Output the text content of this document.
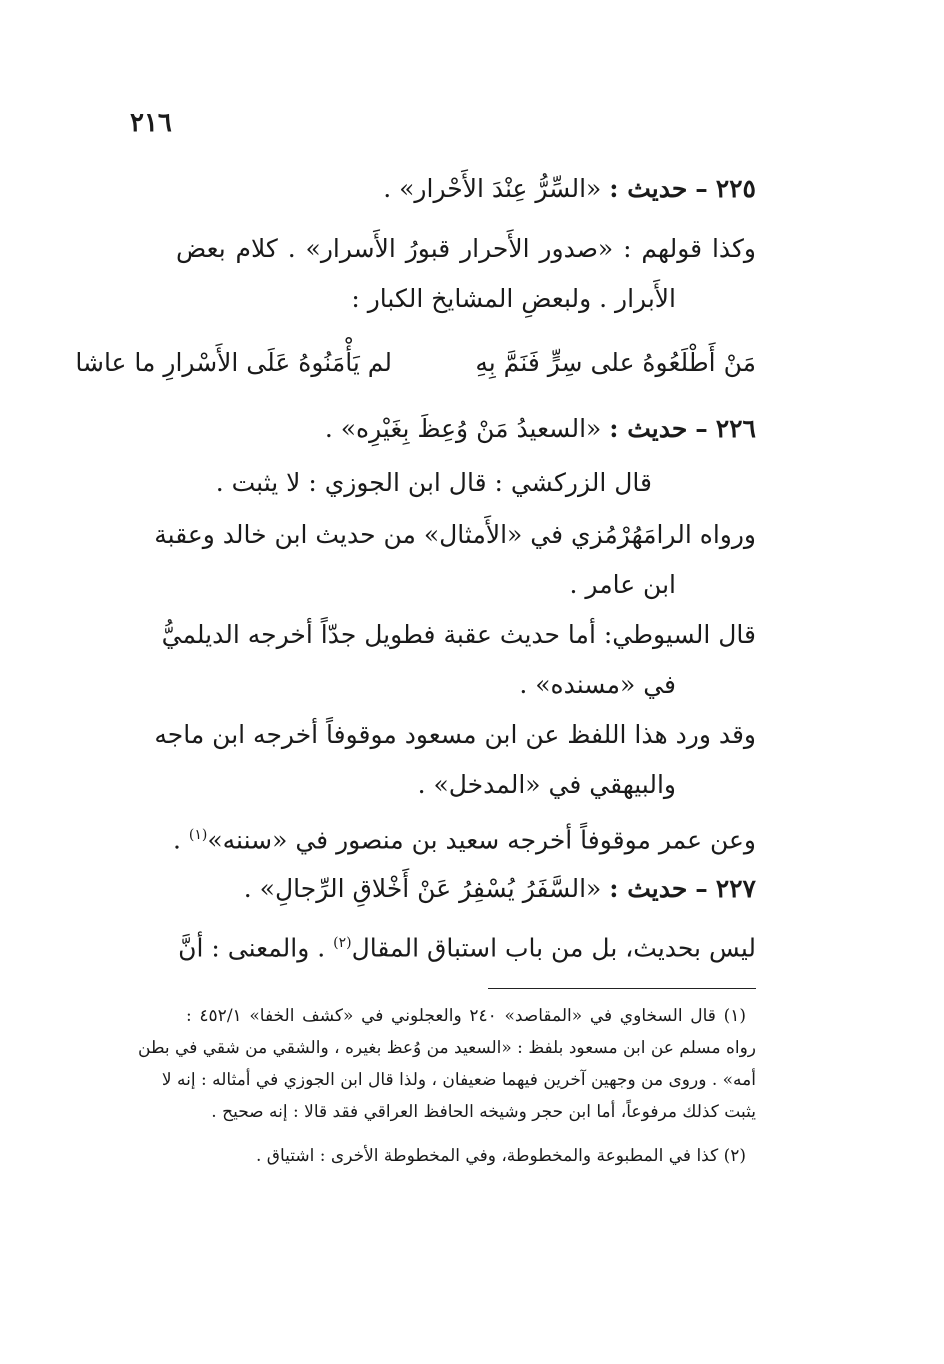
٢١٦
٢٢٥ – حديث : «السِّرُّ عِنْدَ الأَحْرار» .
وكذا قولهم : «صدور الأَحرار قبورُ الأَسرار» . كلام بعض
الأَبرار . ولبعضِ المشايخ الكبار :
مَنْ أَطْلَعُوهُ على سِرٍّ فَنَمَّ بِهِ
لم يَأْمَنُوهُ عَلَى الأَسْرارِ ما عاشا
٢٢٦ – حديث : «السعيدُ مَنْ وُعِظَ بِغَيْرِه» .
قال الزركشي : قال ابن الجوزي : لا يثبت .
ورواه الرامَهُرْمُزي في «الأَمثال» من حديث ابن خالد وعقبة
ابن عامر .
قال السيوطي: أما حديث عقبة فطويل جدّاً أخرجه الديلميُّ
في «مسنده» .
وقد ورد هذا اللفظ عن ابن مسعود موقوفاً أخرجه ابن ماجه
والبيهقي في «المدخل» .
وعن عمر موقوفاً أخرجه سعيد بن منصور في «سننه»$^{(١)}$ .
٢٢٧ – حديث : «السَّفَرُ يُسْفِرُ عَنْ أَخْلاقِ الرِّجالِ» .
ليس بحديث، بل من باب استباق المقال$^{(٢)}$ . والمعنى : أنَّ
(١) قال السخاوي في «المقاصد» ٢٤٠ والعجلوني في «كشف الخفا» ٤٥٢/١ :
رواه مسلم عن ابن مسعود بلفظ : «السعيد من وُعظ بغيره ، والشقي من شقي في بطن
أمه» . وروى من وجهين آخرين فيهما ضعيفان ، ولذا قال ابن الجوزي في أمثاله : إنه لا
يثبت كذلك مرفوعاً، أما ابن حجر وشيخه الحافظ العراقي فقد قالا : إنه صحيح .
(٢) كذا في المطبوعة والمخطوطة، وفي المخطوطة الأخرى : اشتياق .
